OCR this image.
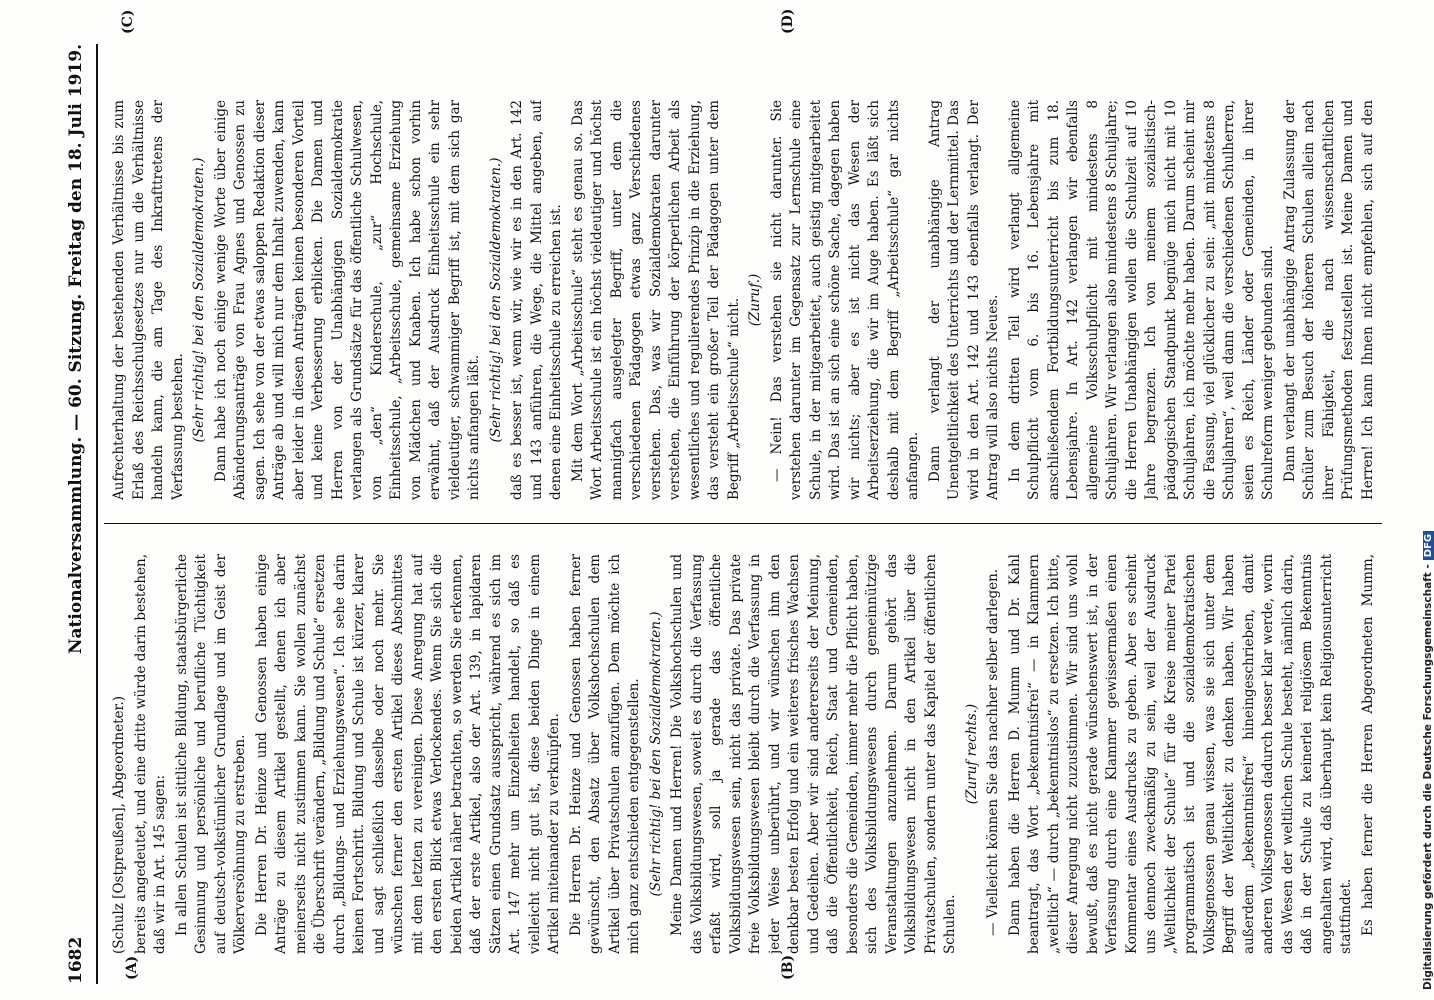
1682
Nationalversammlung. — 60. Sitzung.
Freitag den 18. Juli 1919.
(A)	(B)
(C)	(D)

(Schulz [Ostpreußen], Abgeordneter.) bereits angedeutet, und eine dritte würde darin bestehen, daß wir in Art. 145 sagen: In allen Schulen ist sittliche Bildung, staatsbürgerliche Gesinnung und persönliche und berufliche Tüchtigkeit auf deutsch-volkstümlicher Grundlage und im Geist der Völkerversöhnung zu erstreben. Die Herren Dr. Heinze und Genossen haben einige Anträge zu diesem Artikel gestellt, denen ich aber meinerseits nicht zustimmen kann. Sie wollen zunächst die Überschrift verändern, „Bildung und Schule“ ersetzen durch „Bildungs- und Erziehungswesen“. Ich sehe darin keinen Fortschritt. Bildung und Schule ist kürzer, klarer und sagt schließlich dasselbe oder noch mehr. Sie wünschen ferner den ersten Artikel dieses Abschnittes mit dem letzten zu vereinigen. Diese Anregung hat auf den ersten Blick etwas Verlockendes. Wenn Sie sich die beiden Artikel näher betrachten, so werden Sie erkennen, daß der erste Artikel, also der Art. 139, in lapidaren Sätzen einen Grundsatz ausspricht, während es sich im Art. 147 mehr um Einzelheiten handelt, so daß es vielleicht nicht gut ist, diese beiden Dinge in einem Artikel miteinander zu verknüpfen. Die Herren Dr. Heinze und Genossen haben ferner gewünscht, den Absatz über Volkshochschulen dem Artikel über Privatschulen anzufügen. Dem möchte ich mich ganz entschieden entgegenstellen. (Sehr richtig! bei den Sozialdemokraten.) Meine Damen und Herren! Die Volkshochschulen und das Volksbildungswesen, soweit es durch die Verfassung erfaßt wird, soll ja gerade das öffentliche Volksbildungswesen sein, nicht das private. Das private freie Volksbildungswesen bleibt durch die Verfassung in jeder Weise unberührt, und wir wünschen ihm den denkbar besten Erfolg und ein weiteres frisches Wachsen und Gedeihen. Aber wir sind andererseits der Meinung, daß die Öffentlichkeit, Reich, Staat und Gemeinden, besonders die Gemeinden, immer mehr die Pflicht haben, sich des Volksbildungswesens durch gemeinnützige Veranstaltungen anzunehmen. Darum gehört das Volksbildungswesen nicht in den Artikel über die Privatschulen, sondern unter das Kapitel der öffentlichen Schulen.

(Zuruf rechts.) — Vielleicht können Sie das nachher selber darlegen. Dann haben die Herren D. Mumm und Dr. Kahl beantragt, das Wort „bekenntnisfrei“ — in Klammern „weltlich“ — durch „bekenntnislos“ zu ersetzen. Ich bitte, dieser Anregung nicht zuzustimmen. Wir sind uns wohl bewußt, daß es nicht gerade wünschenswert ist, in der Verfassung durch eine Klammer gewissermaßen einen Kommentar eines Ausdrucks zu geben. Aber es scheint uns dennoch zweckmäßig zu sein, weil der Ausdruck „Weltlichkeit der Schule“ für die Kreise meiner Partei programmatisch ist und die sozialdemokratischen Volksgenossen genau wissen, was sie sich unter dem Begriff der Weltlichkeit zu denken haben. Wir haben außerdem „bekenntnisfrei“ hineingeschrieben, damit anderen Volksgenossen dadurch besser klar werde, worin das Wesen der weltlichen Schule besteht, nämlich darin, daß in der Schule zu keinerlei religiösem Bekenntnis angehalten wird, daß überhaupt kein Religionsunterricht stattfindet. Es haben ferner die Herren Abgeordneten Mumm,

Aufrechterhaltung der bestehenden Verhältnisse bis zum Erlaß des Reichsschulgesetzes nur um die Verhältnisse handeln kann, die am Tage des Inkrafttretens der Verfassung bestehen. (Sehr richtig! bei den Sozialdemokraten.) Dann habe ich noch einige wenige Worte über einige Abänderungsanträge von Frau Agnes und Genossen zu sagen. Ich sehe von der etwas saloppen Redaktion dieser Anträge ab und will mich nur dem Inhalt zuwenden, kann aber leider in diesen Anträgen keinen besonderen Vorteil und keine Verbesserung erblicken. Die Damen und Herren von der Unabhängigen Sozialdemokratie verlangen als Grundsätze für das öffentliche Schulwesen, von „den“ Kinderschule, „zur“ Hochschule, Einheitsschule, „Arbeitsschule, gemeinsame Erziehung von Mädchen und Knaben. Ich habe schon vorhin erwähnt, daß der Ausdruck Einheitsschule ein sehr vieldeutiger, schwammiger Begriff ist, mit dem sich gar nichts anfangen läßt. (Sehr richtig! bei den Sozialdemokraten.) daß es besser ist, wenn wir, wie wir es in den Art. 142 und 143 anführen, die Wege, die Mittel angeben, auf denen eine Einheitsschule zu erreichen ist. Mit dem Wort „Arbeitsschule“ steht es genau so. Das Wort Arbeitsschule ist ein höchst vieldeutiger und höchst mannigfach ausgelegter Begriff, unter dem die verschiedenen Pädagogen etwas ganz Verschiedenes verstehen. Das, was wir Sozialdemokraten darunter verstehen, die Einführung der körperlichen Arbeit als wesentliches und regulierendes Prinzip in die Erziehung, das versteht ein großer Teil der Pädagogen unter dem Begriff „Arbeitsschule“ nicht. (Zuruf.) — Nein! Das verstehen sie nicht darunter. Sie verstehen darunter im Gegensatz zur Lernschule eine Schule, in der mitgearbeitet, auch geistig mitgearbeitet wird. Das ist an sich eine schöne Sache, dagegen haben wir nichts; aber es ist nicht das Wesen der Arbeitserziehung, die wir im Auge haben. Es läßt sich deshalb mit dem Begriff „Arbeitsschule“ gar nichts anfangen. Dann verlangt der unabhängige Antrag Unentgeltlichkeit des Unterrichts und der Lernmittel. Das wird in den Art. 142 und 143 ebenfalls verlangt. Der Antrag will also nichts Neues. In dem dritten Teil wird verlangt allgemeine Schulpflicht vom 6. bis 16. Lebensjahre mit anschließendem Fortbildungsunterricht bis zum 18. Lebensjahre. In Art. 142 verlangen wir ebenfalls allgemeine Volksschulpflicht mit mindestens 8 Schuljahren. Wir verlangen also mindestens 8 Schuljahre; die Herren Unabhängigen wollen die Schulzeit auf 10 Jahre begrenzen. Ich von meinem sozialistisch-pädagogischen Standpunkt begnüge mich nicht mit 10 Schuljahren, ich möchte mehr haben. Darum scheint mir die Fassung, viel glücklicher zu sein: „mit mindestens 8 Schuljahren“, weil dann die verschiedenen Schulherren, seien es Reich, Länder oder Gemeinden, in ihrer Schulreform weniger gebunden sind. Dann verlangt der unabhängige Antrag Zulassung der Schüler zum Besuch der höheren Schulen allein nach ihrer Fähigkeit, die nach wissenschaftlichen Prüfungsmethoden festzustellen ist. Meine Damen und Herren! Ich kann Ihnen nicht empfehlen, sich auf den

Digitalisierung gefördert durch die Deutsche Forschungsgemeinschaft -DFG
